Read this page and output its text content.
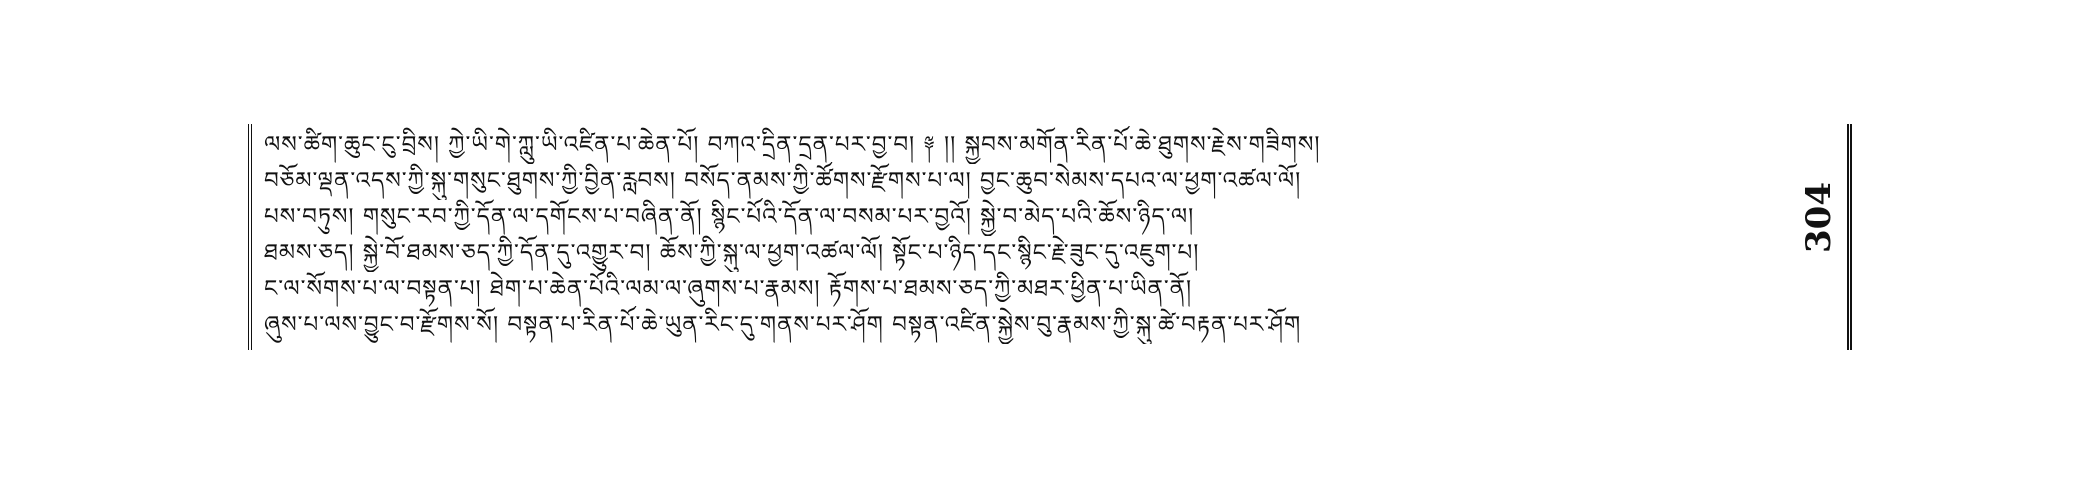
ལས་ཚིག་ཆུང་ངུ་བྲིས། ཀྱེ་ཡི་གེ་ཀླུ་ཡི་འཛིན་པ་ཆེན་པོ། བཀའ་དྲིན་དྲན་པར་བྱ་བ། ༈ །། སྐྱབས་མགོན་རིན་པོ་ཆེ་ཐུགས་རྗེས་གཟིགས།
བཅོམ་ལྡན་འདས་ཀྱི་སྐུ་གསུང་ཐུགས་ཀྱི་བྱིན་རླབས། བསོད་ནམས་ཀྱི་ཚོགས་རྫོགས་པ་ལ། བྱང་ཆུབ་སེམས་དཔའ་ལ་ཕྱག་འཚལ་ལོ།
པས་བཏུས། གསུང་རབ་ཀྱི་དོན་ལ་དགོངས་པ་བཞིན་ནོ། སྙིང་པོའི་དོན་ལ་བསམ་པར་བྱའོ། སྐྱེ་བ་མེད་པའི་ཆོས་ཉིད་ལ།
ཐམས་ཅད། སྐྱེ་བོ་ཐམས་ཅད་ཀྱི་དོན་དུ་འགྱུར་བ། ཆོས་ཀྱི་སྐུ་ལ་ཕྱག་འཚལ་ལོ། སྟོང་པ་ཉིད་དང་སྙིང་རྗེ་ཟུང་དུ་འཇུག་པ།
ང་ལ་སོགས་པ་ལ་བསྟན་པ། ཐེག་པ་ཆེན་པོའི་ལམ་ལ་ཞུགས་པ་རྣམས། རྟོགས་པ་ཐམས་ཅད་ཀྱི་མཐར་ཕྱིན་པ་ཡིན་ནོ།
ཞུས་པ་ལས་བྱུང་བ་རྫོགས་སོ། བསྟན་པ་རིན་པོ་ཆེ་ཡུན་རིང་དུ་གནས་པར་ཤོག བསྟན་འཛིན་སྐྱེས་བུ་རྣམས་ཀྱི་སྐུ་ཚེ་བརྟན་པར་ཤོག
304
